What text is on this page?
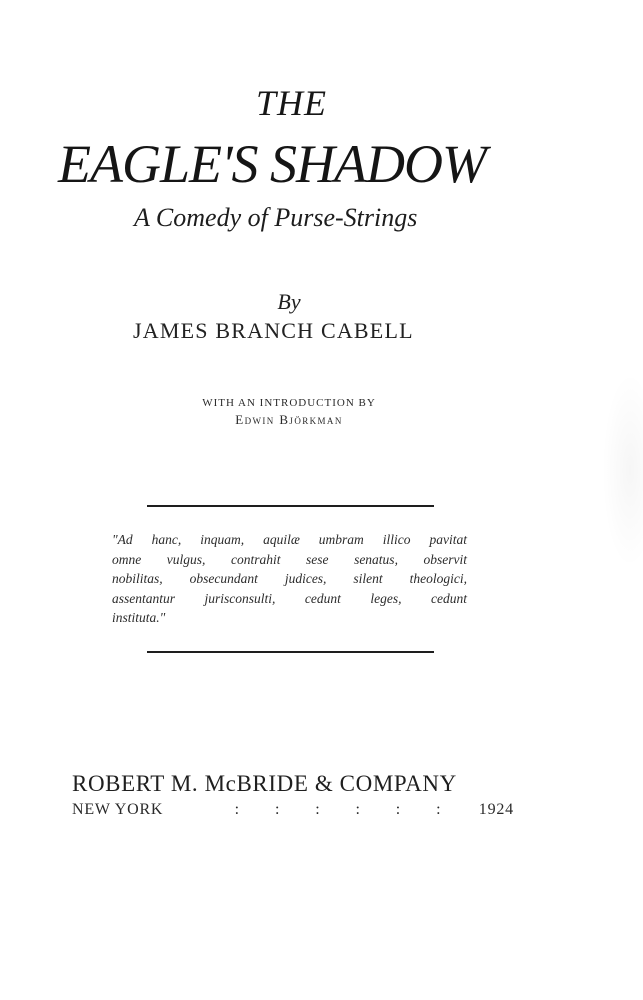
THE
EAGLE'S SHADOW
A Comedy of Purse-Strings
By
JAMES BRANCH CABELL
WITH AN INTRODUCTION BY
Edwin Björkman
"Ad hanc, inquam, aquilæ umbram illico pavitat
omne vulgus, contrahit sese senatus, observit
nobilitas, obsecundant judices, silent theologici,
assentantur jurisconsulti, cedunt leges, cedunt
instituta."
ROBERT M. McBRIDE & COMPANY
NEW YORK	:	:	:	:	:	:	1924
